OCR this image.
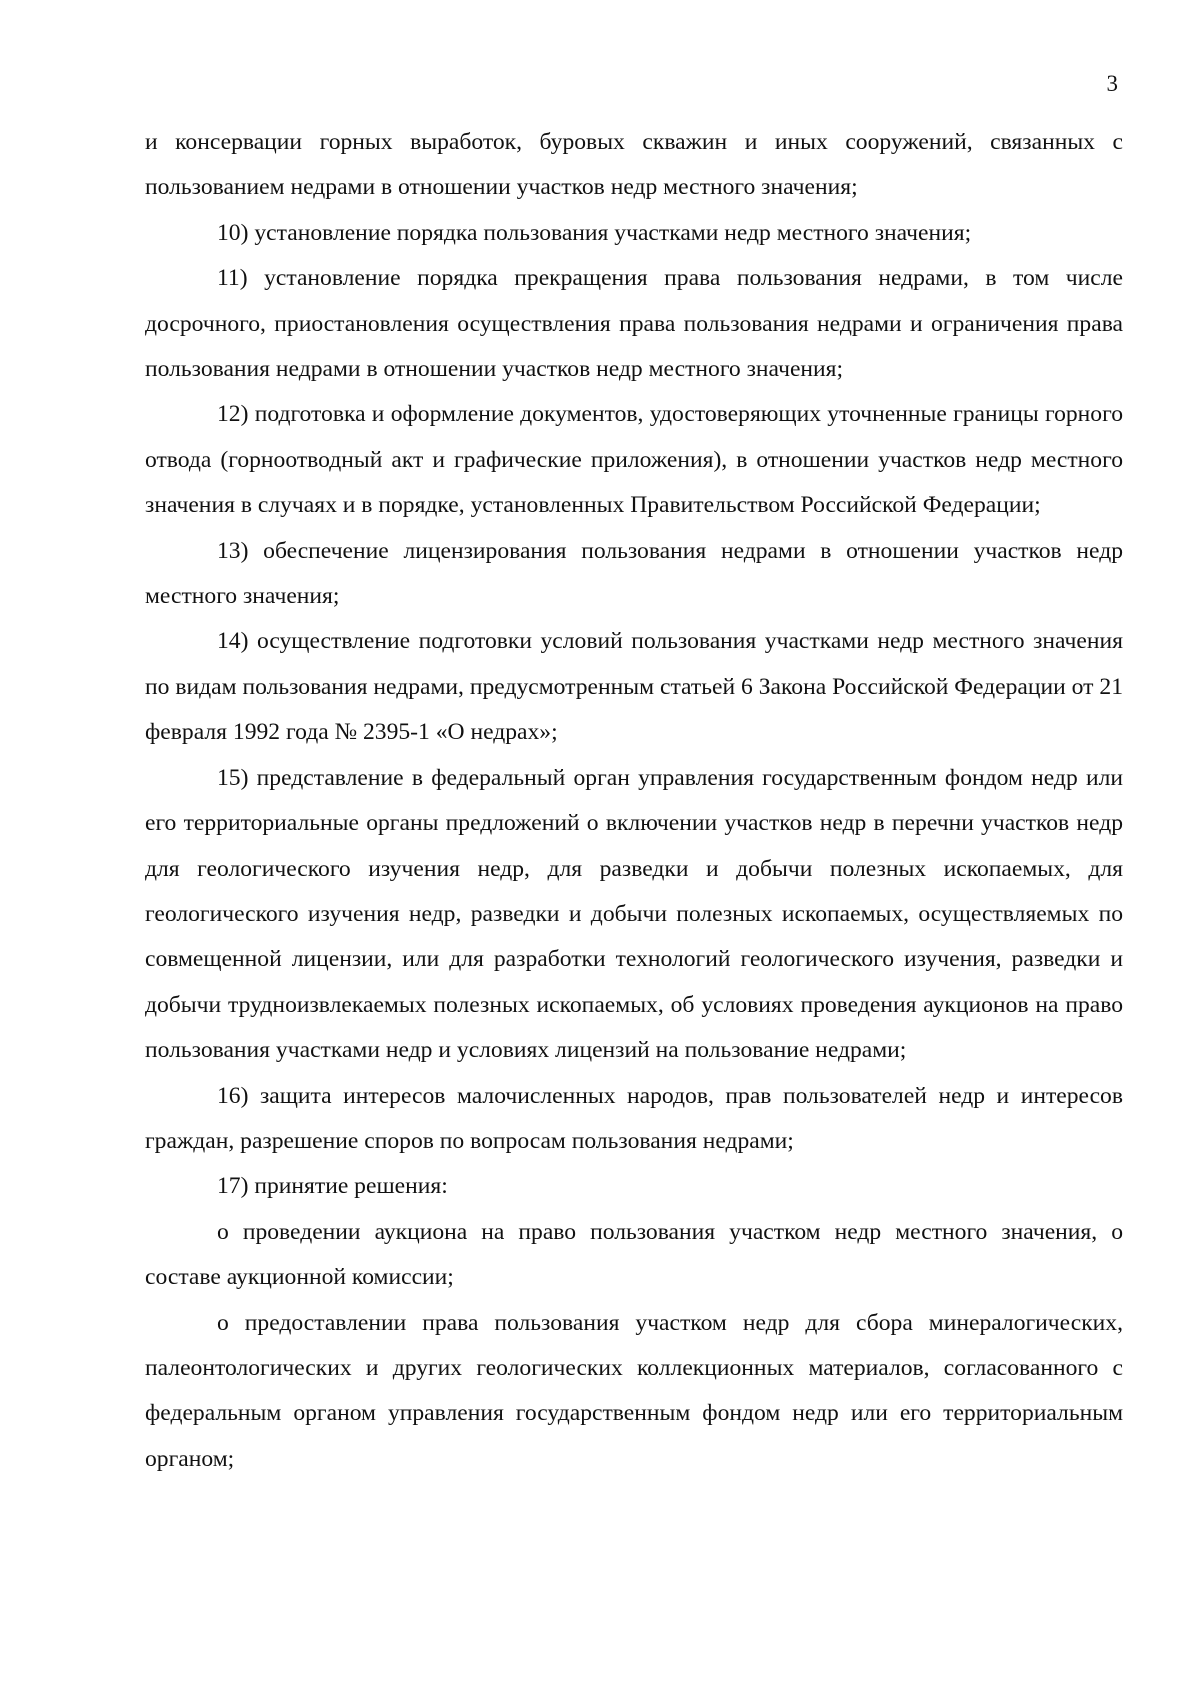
3

и консервации горных выработок, буровых скважин и иных сооружений, связанных с пользованием недрами в отношении участков недр местного значения;

10) установление порядка пользования участками недр местного значения;

11) установление порядка прекращения права пользования недрами, в том числе досрочного, приостановления осуществления права пользования недрами и ограничения права пользования недрами в отношении участков недр местного значения;

12) подготовка и оформление документов, удостоверяющих уточненные границы горного отвода (горноотводный акт и графические приложения), в отношении участков недр местного значения в случаях и в порядке, установленных Правительством Российской Федерации;

13) обеспечение лицензирования пользования недрами в отношении участков недр местного значения;

14) осуществление подготовки условий пользования участками недр местного значения по видам пользования недрами, предусмотренным статьей 6 Закона Российской Федерации от 21 февраля 1992 года № 2395-1 «О недрах»;

15) представление в федеральный орган управления государственным фондом недр или его территориальные органы предложений о включении участков недр в перечни участков недр для геологического изучения недр, для разведки и добычи полезных ископаемых, для геологического изучения недр, разведки и добычи полезных ископаемых, осуществляемых по совмещенной лицензии, или для разработки технологий геологического изучения, разведки и добычи трудноизвлекаемых полезных ископаемых, об условиях проведения аукционов на право пользования участками недр и условиях лицензий на пользование недрами;

16) защита интересов малочисленных народов, прав пользователей недр и интересов граждан, разрешение споров по вопросам пользования недрами;

17) принятие решения:

о проведении аукциона на право пользования участком недр местного значения, о составе аукционной комиссии;

о предоставлении права пользования участком недр для сбора минералогических, палеонтологических и других геологических коллекционных материалов, согласованного с федеральным органом управления государственным фондом недр или его территориальным органом;
